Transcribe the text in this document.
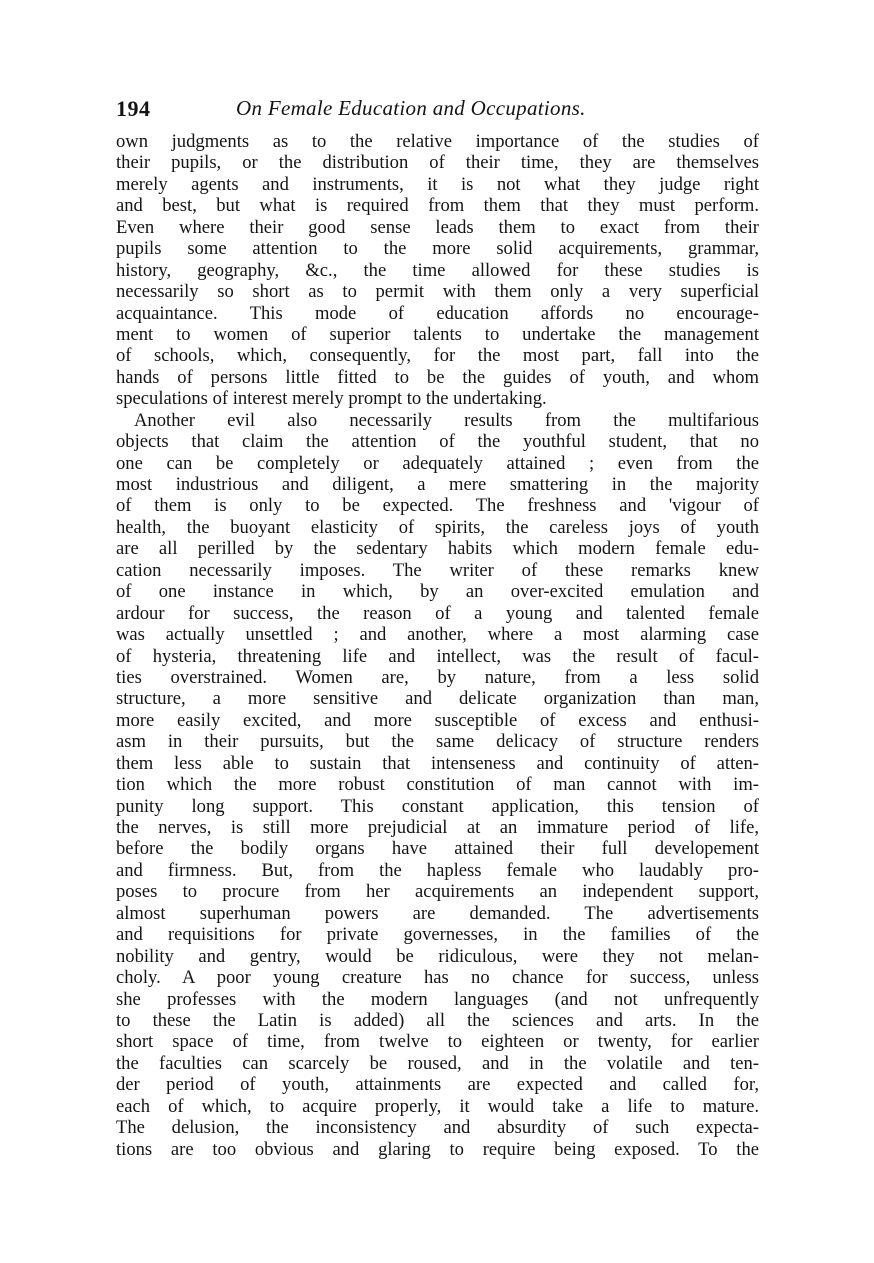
194	On Female Education and Occupations.
own judgments as to the relative importance of the studies of
their pupils, or the distribution of their time, they are themselves
merely agents and instruments, it is not what they judge right
and best, but what is required from them that they must perform.
Even where their good sense leads them to exact from their
pupils some attention to the more solid acquirements, grammar,
history, geography, &c., the time allowed for these studies is
necessarily so short as to permit with them only a very superficial
acquaintance. This mode of education affords no encourage-
ment to women of superior talents to undertake the management
of schools, which, consequently, for the most part, fall into the
hands of persons little fitted to be the guides of youth, and whom
speculations of interest merely prompt to the undertaking.
Another evil also necessarily results from the multifarious
objects that claim the attention of the youthful student, that no
one can be completely or adequately attained ; even from the
most industrious and diligent, a mere smattering in the majority
of them is only to be expected. The freshness and 'vigour of
health, the buoyant elasticity of spirits, the careless joys of youth
are all perilled by the sedentary habits which modern female edu-
cation necessarily imposes. The writer of these remarks knew
of one instance in which, by an over-excited emulation and
ardour for success, the reason of a young and talented female
was actually unsettled ; and another, where a most alarming case
of hysteria, threatening life and intellect, was the result of facul-
ties overstrained. Women are, by nature, from a less solid
structure, a more sensitive and delicate organization than man,
more easily excited, and more susceptible of excess and enthusi-
asm in their pursuits, but the same delicacy of structure renders
them less able to sustain that intenseness and continuity of atten-
tion which the more robust constitution of man cannot with im-
punity long support. This constant application, this tension of
the nerves, is still more prejudicial at an immature period of life,
before the bodily organs have attained their full developement
and firmness. But, from the hapless female who laudably pro-
poses to procure from her acquirements an independent support,
almost superhuman powers are demanded. The advertisements
and requisitions for private governesses, in the families of the
nobility and gentry, would be ridiculous, were they not melan-
choly. A poor young creature has no chance for success, unless
she professes with the modern languages (and not unfrequently
to these the Latin is added) all the sciences and arts. In the
short space of time, from twelve to eighteen or twenty, for earlier
the faculties can scarcely be roused, and in the volatile and ten-
der period of youth, attainments are expected and called for,
each of which, to acquire properly, it would take a life to mature.
The delusion, the inconsistency and absurdity of such expecta-
tions are too obvious and glaring to require being exposed. To the
